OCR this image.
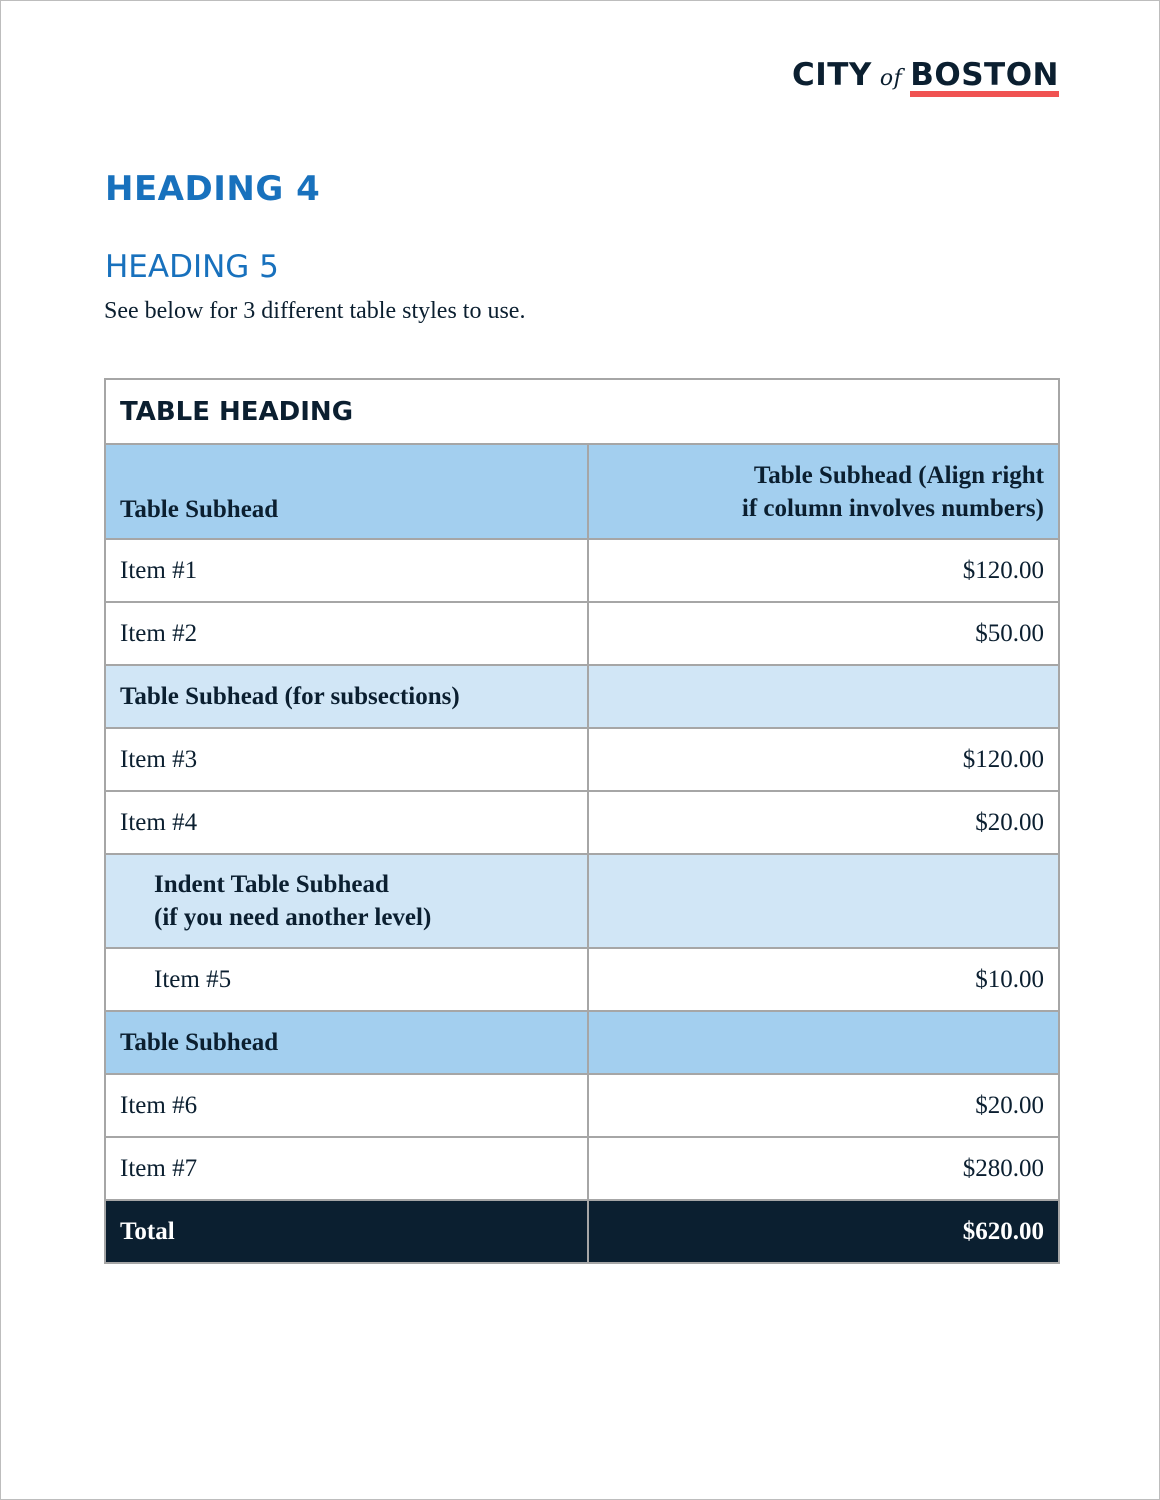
CITY of BOSTON
HEADING 4
HEADING 5

See below for 3 different table styles to use.

TABLE HEADING	
Table Subhead	Table Subhead (Align right
if column involves numbers)
Item #1	$120.00
Item #2	$50.00
Table Subhead (for subsections)	
Item #3	$120.00
Item #4	$20.00
Indent Table Subhead
(if you need another level)	
Item #5	$10.00
Table Subhead	
Item #6	$20.00
Item #7	$280.00
Total	$620.00
